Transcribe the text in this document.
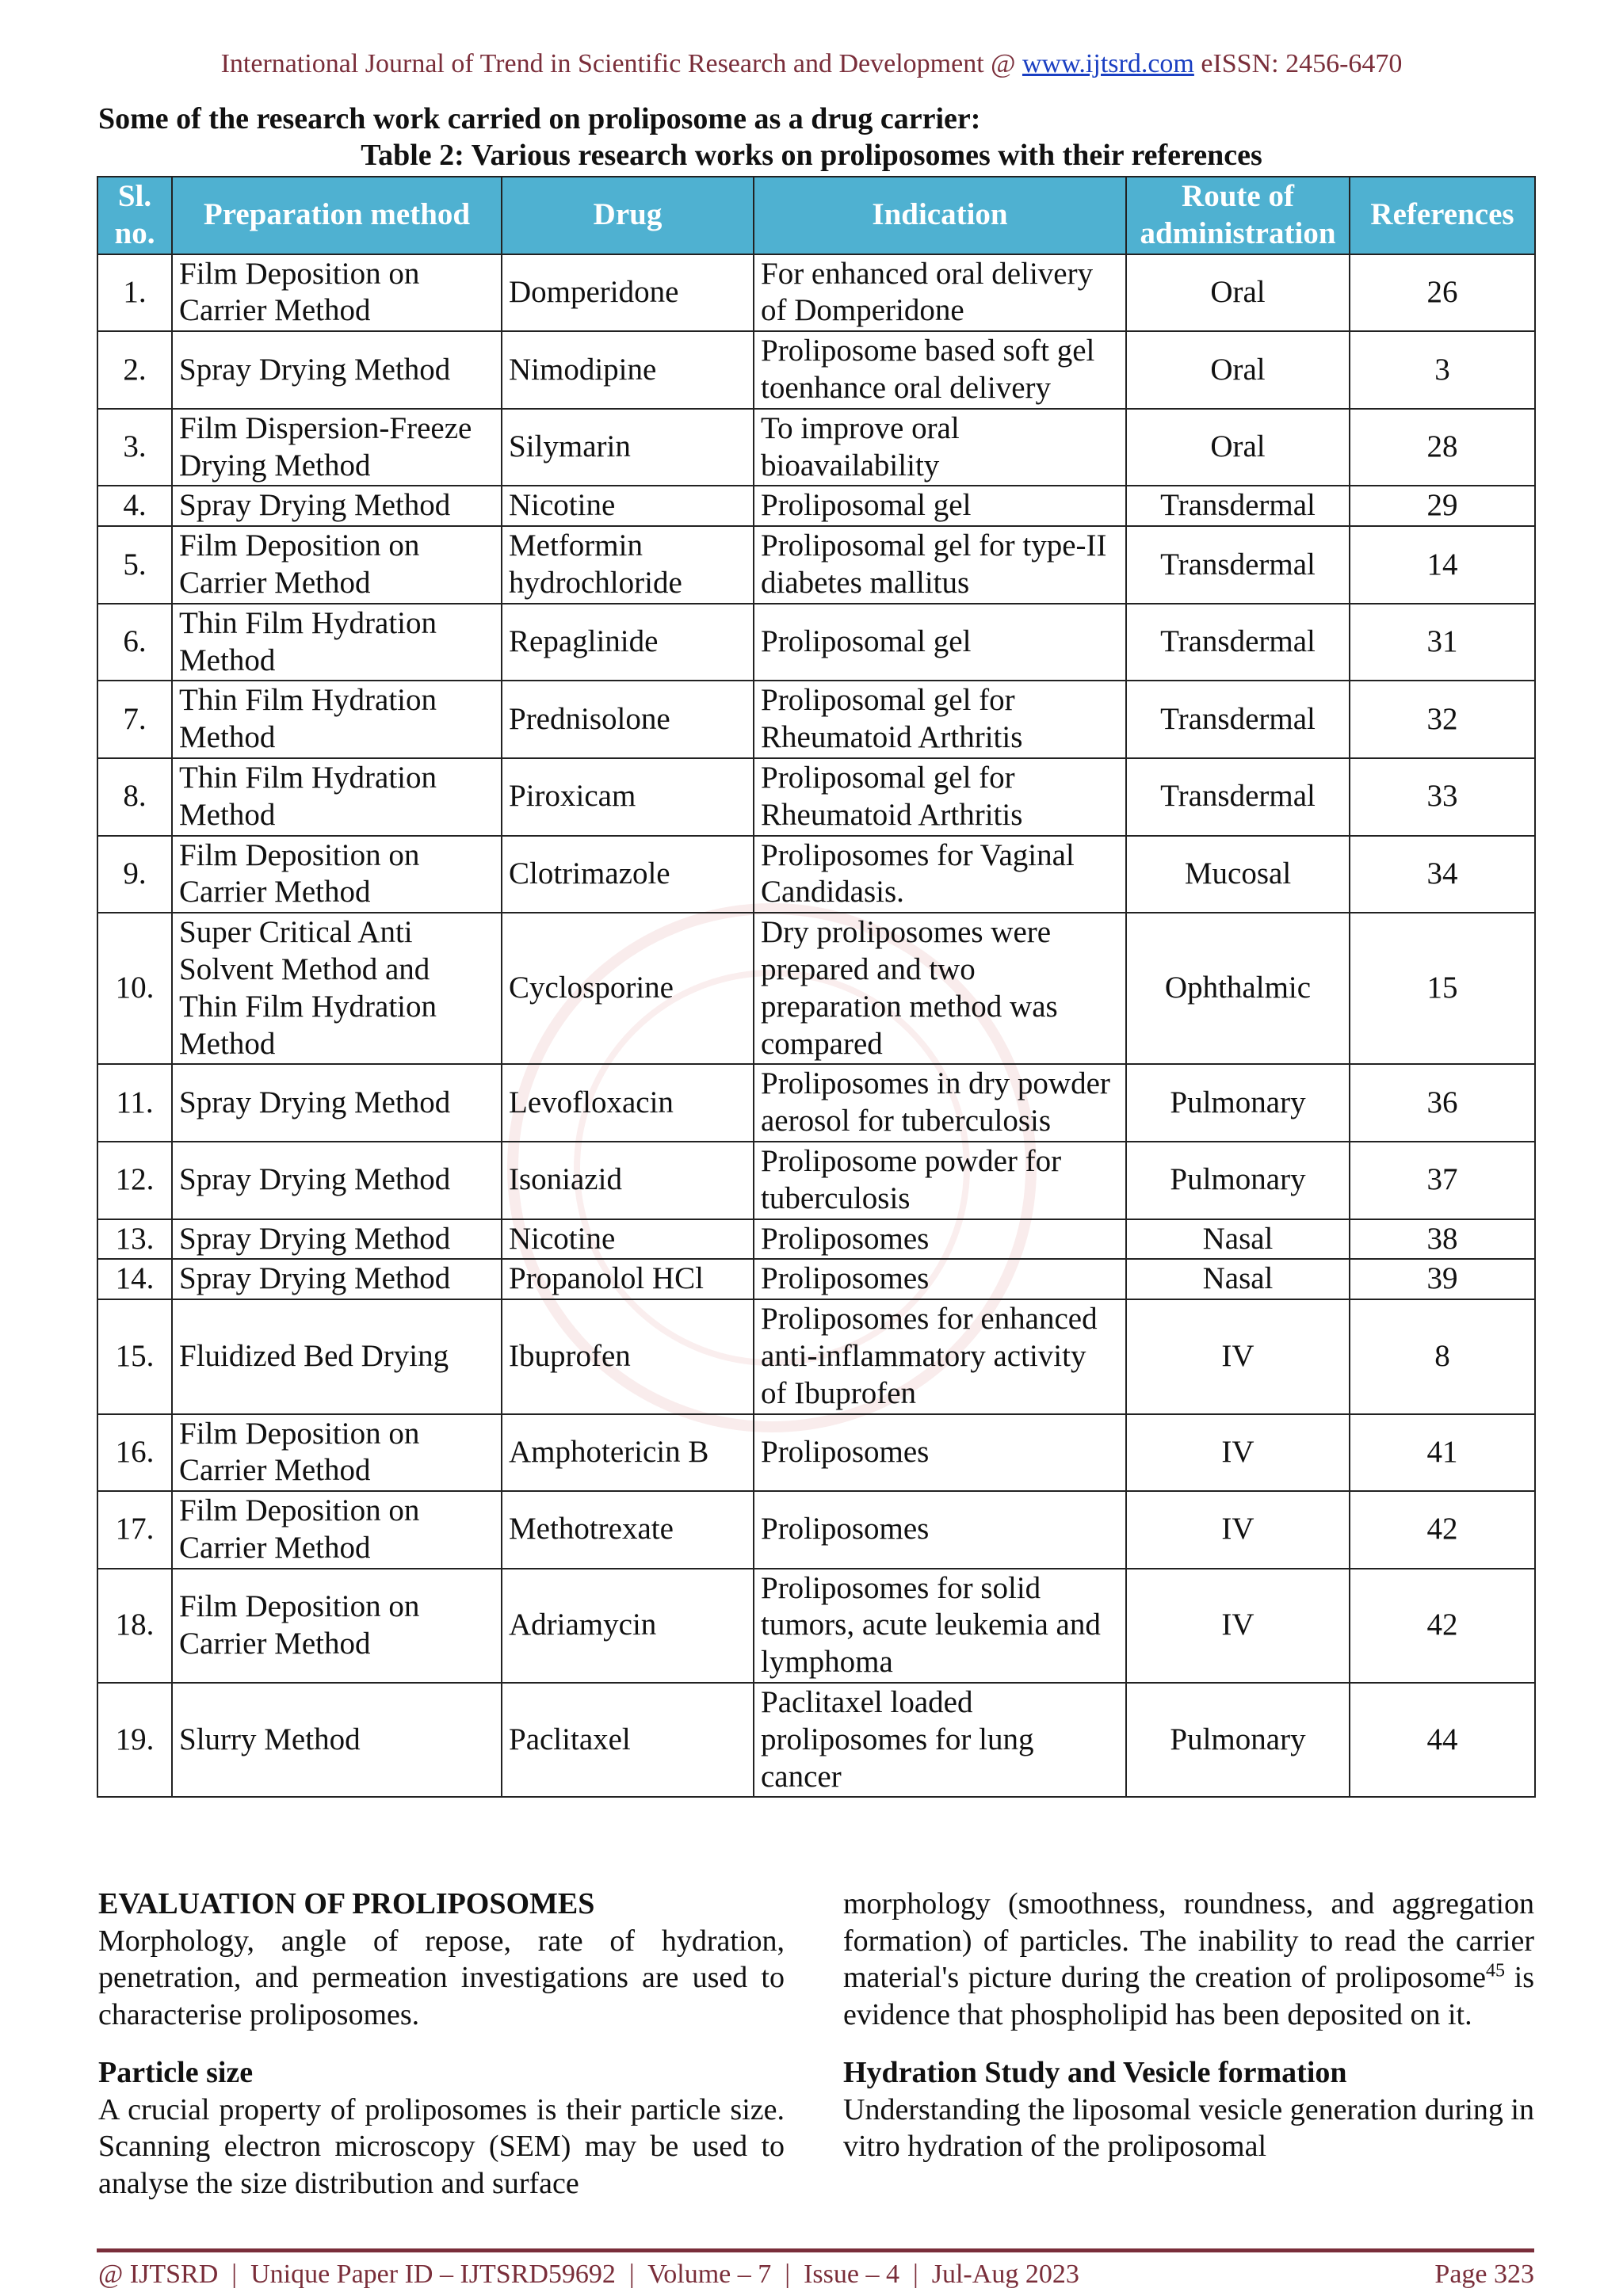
International Journal of Trend in Scientific Research and Development @ www.ijtsrd.com eISSN: 2456-6470
Some of the research work carried on proliposome as a drug carrier:
Table 2: Various research works on proliposomes with their references
Sl. no.	Preparation method	Drug	Indication	Route of administration	References
1.	Film Deposition on Carrier Method	Domperidone	For enhanced oral delivery of Domperidone	Oral	26
2.	Spray Drying Method	Nimodipine	Proliposome based soft gel toenhance oral delivery	Oral	3
3.	Film Dispersion-Freeze Drying Method	Silymarin	To improve oral bioavailability	Oral	28
4.	Spray Drying Method	Nicotine	Proliposomal gel	Transdermal	29
5.	Film Deposition on Carrier Method	Metformin hydrochloride	Proliposomal gel for type-II diabetes mallitus	Transdermal	14
6.	Thin Film Hydration Method	Repaglinide	Proliposomal gel	Transdermal	31
7.	Thin Film Hydration Method	Prednisolone	Proliposomal gel for Rheumatoid Arthritis	Transdermal	32
8.	Thin Film Hydration Method	Piroxicam	Proliposomal gel for Rheumatoid Arthritis	Transdermal	33
9.	Film Deposition on Carrier Method	Clotrimazole	Proliposomes for Vaginal Candidasis.	Mucosal	34
10.	Super Critical Anti Solvent Method and Thin Film Hydration Method	Cyclosporine	Dry proliposomes were prepared and two preparation method was compared	Ophthalmic	15
11.	Spray Drying Method	Levofloxacin	Proliposomes in dry powder aerosol for tuberculosis	Pulmonary	36
12.	Spray Drying Method	Isoniazid	Proliposome powder for tuberculosis	Pulmonary	37
13.	Spray Drying Method	Nicotine	Proliposomes	Nasal	38
14.	Spray Drying Method	Propanolol HCl	Proliposomes	Nasal	39
15.	Fluidized Bed Drying	Ibuprofen	Proliposomes for enhanced anti-inflammatory activity of Ibuprofen	IV	8
16.	Film Deposition on Carrier Method	Amphotericin B	Proliposomes	IV	41
17.	Film Deposition on Carrier Method	Methotrexate	Proliposomes	IV	42
18.	Film Deposition on Carrier Method	Adriamycin	Proliposomes for solid tumors, acute leukemia and lymphoma	IV	42
19.	Slurry Method	Paclitaxel	Paclitaxel loaded proliposomes for lung cancer	Pulmonary	44
EVALUATION OF PROLIPOSOMES

Morphology, angle of repose, rate of hydration, penetration, and permeation investigations are used to characterise proliposomes.

Particle size

A crucial property of proliposomes is their particle size. Scanning electron microscopy (SEM) may be used to analyse the size distribution and surface

morphology (smoothness, roundness, and aggregation formation) of particles. The inability to read the carrier material's picture during the creation of proliposome$^{45}$ is evidence that phospholipid has been deposited on it.

Hydration Study and Vesicle formation

Understanding the liposomal vesicle generation during in vitro hydration of the proliposomal

@ IJTSRD  |  Unique Paper ID – IJTSRD59692  |  Volume – 7  |  Issue – 4  |  Jul-Aug 2023	Page 323
